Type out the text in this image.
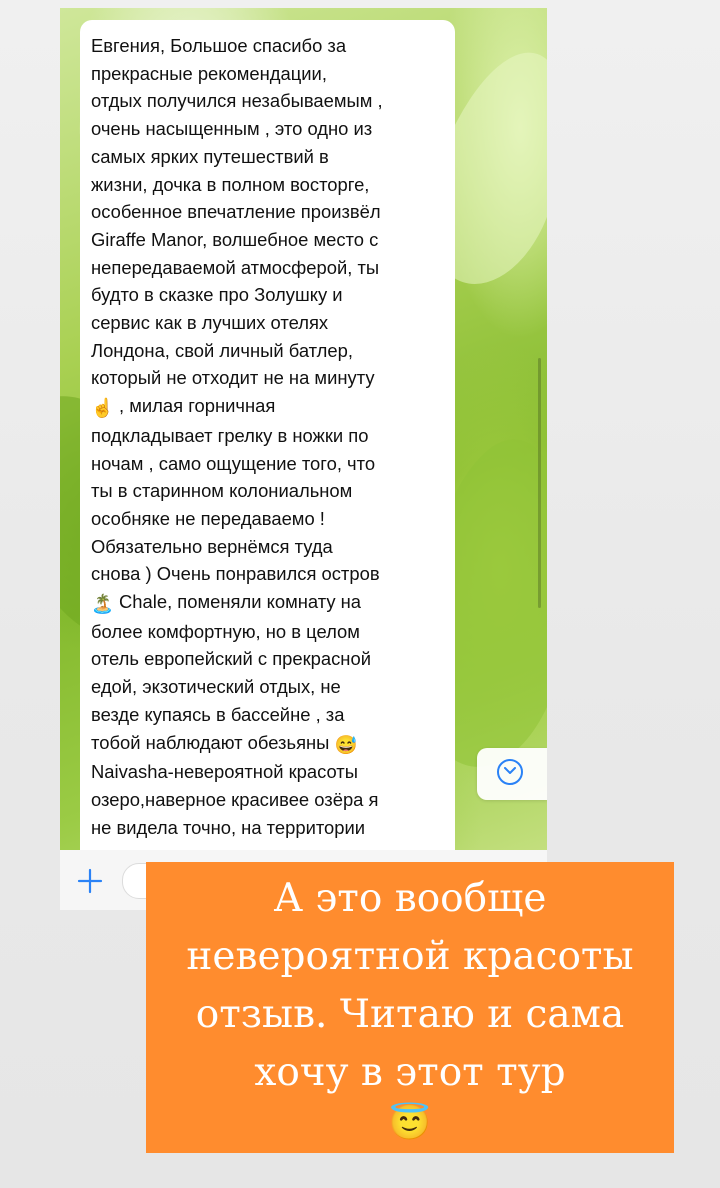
Евгения, Большое спасибо за
прекрасные рекомендации,
отдых получился незабываемым ,
очень насыщенным , это одно из
самых ярких путешествий в
жизни, дочка в полном восторге,
особенное впечатление произвёл
Giraffe Manor, волшебное место с
непередаваемой атмосферой, ты
будто в сказке про Золушку и
сервис как в лучших отелях
Лондона, свой личный батлер,
который не отходит не на минуту
☝️ , милая горничная
подкладывает грелку в ножки по
ночам , само ощущение того, что
ты в старинном колониальном
особняке не передаваемо !
Обязательно вернёмся туда
снова ) Очень понравился остров
🏝️ Chale, поменяли комнату на
более комфортную, но в целом
отель европейский с прекрасной
едой, экзотический отдых, не
везде купаясь в бассейне , за
тобой наблюдают обезьяны 😅
Naivasha-невероятной красоты
озеро,наверное красивее озёра я
не видела точно, на территории
А это вообще
невероятной красоты
отзыв. Читаю и сама
хочу в этот тур
😇
